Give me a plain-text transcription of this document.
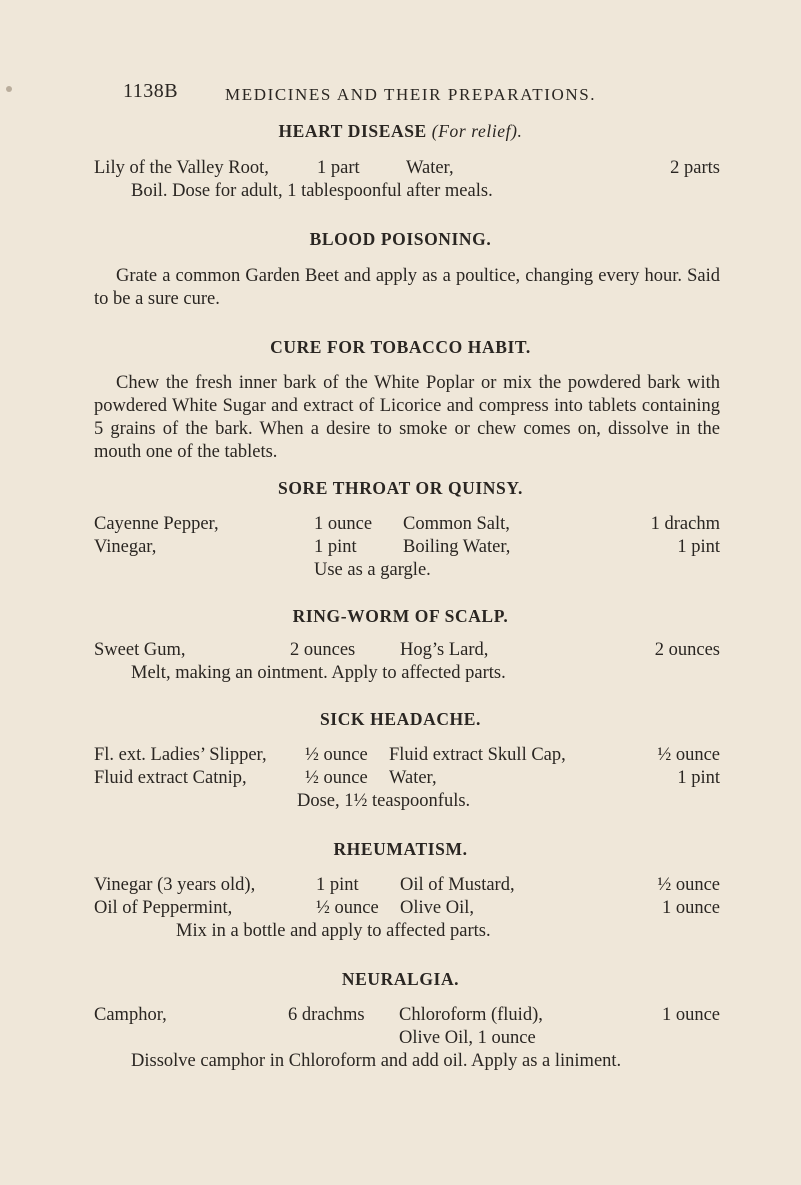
1138B	MEDICINES AND THEIR PREPARATIONS.
HEART DISEASE (For relief).
Lily of the Valley Root,	1 part	Water,	2 parts
Boil. Dose for adult, 1 tablespoonful after meals.
BLOOD POISONING.
Grate a common Garden Beet and apply as a poultice, changing every hour. Said to be a sure cure.
CURE FOR TOBACCO HABIT.
Chew the fresh inner bark of the White Poplar or mix the powdered bark with powdered White Sugar and extract of Licorice and compress into tablets containing 5 grains of the bark. When a desire to smoke or chew comes on, dissolve in the mouth one of the tablets.
SORE THROAT OR QUINSY.
Cayenne Pepper,	1 ounce Common Salt,	1 drachm
Vinegar,	1 pint	Boiling Water,	1 pint
Use as a gargle.
RING-WORM OF SCALP.
Sweet Gum,	2 ounces Hog’s Lard,	2 ounces
Melt, making an ointment. Apply to affected parts.
SICK HEADACHE.
Fl. ext. Ladies’ Slipper, ½ ounce Fluid extract Skull Cap,	½ ounce
Fluid extract Catnip,	½ ounce Water,	1 pint
Dose, 1½ teaspoonfuls.
RHEUMATISM.
Vinegar (3 years old),	1 pint Oil of Mustard,	½ ounce
Oil of Peppermint,	½ ounce Olive Oil,	1 ounce
Mix in a bottle and apply to affected parts.
NEURALGIA.
Camphor,	6 drachms Chloroform (fluid),	1 ounce
Olive Oil, 1 ounce
Dissolve camphor in Chloroform and add oil. Apply as a liniment.
